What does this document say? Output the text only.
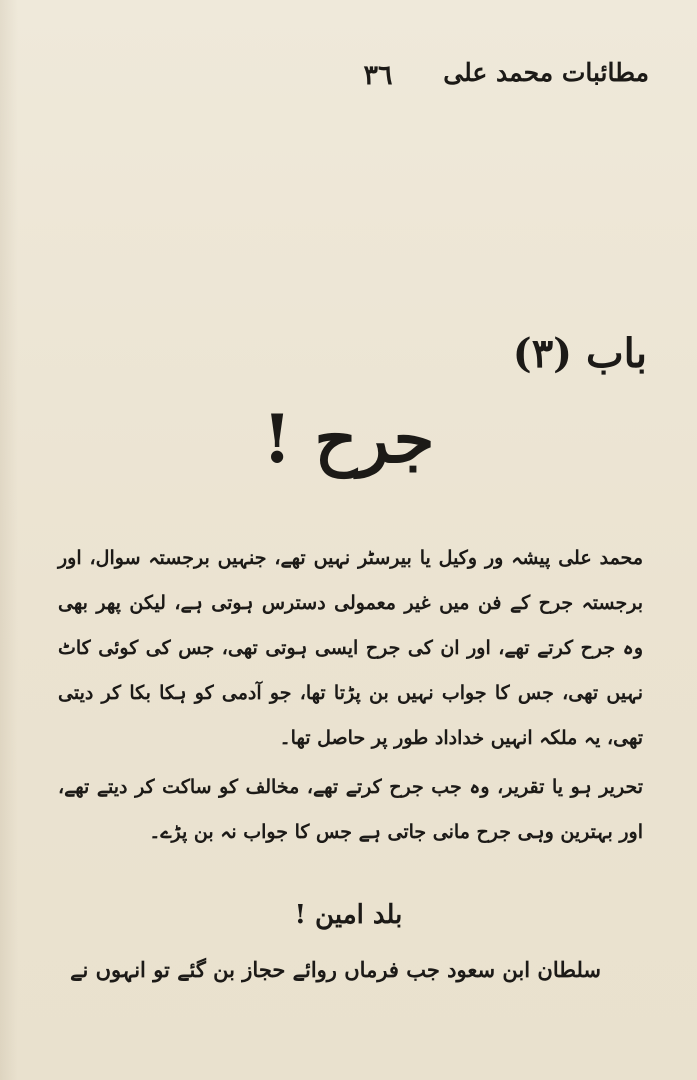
مطائبات محمد علی
٣٦
باب (٣)
جرح !

محمد علی پیشہ ور وکیل یا بیرسٹر نہیں تھے، جنہیں برجستہ سوال، اور برجستہ جرح کے فن میں غیر معمولی دسترس ہوتی ہے، لیکن پھر بھی وہ جرح کرتے تھے، اور ان کی جرح ایسی ہوتی تھی، جس کی کوئی کاٹ نہیں تھی، جس کا جواب نہیں بن پڑتا تھا، جو آدمی کو ہکا بکا کر دیتی تھی، یہ ملکہ انہیں خداداد طور پر حاصل تھا۔

تحریر ہو یا تقریر، وہ جب جرح کرتے تھے، مخالف کو ساکت کر دیتے تھے، اور بہترین وہی جرح مانی جاتی ہے جس کا جواب نہ بن پڑے۔

بلد امین !
سلطان ابن سعود جب فرماں روائے حجاز بن گئے تو انہوں نے
